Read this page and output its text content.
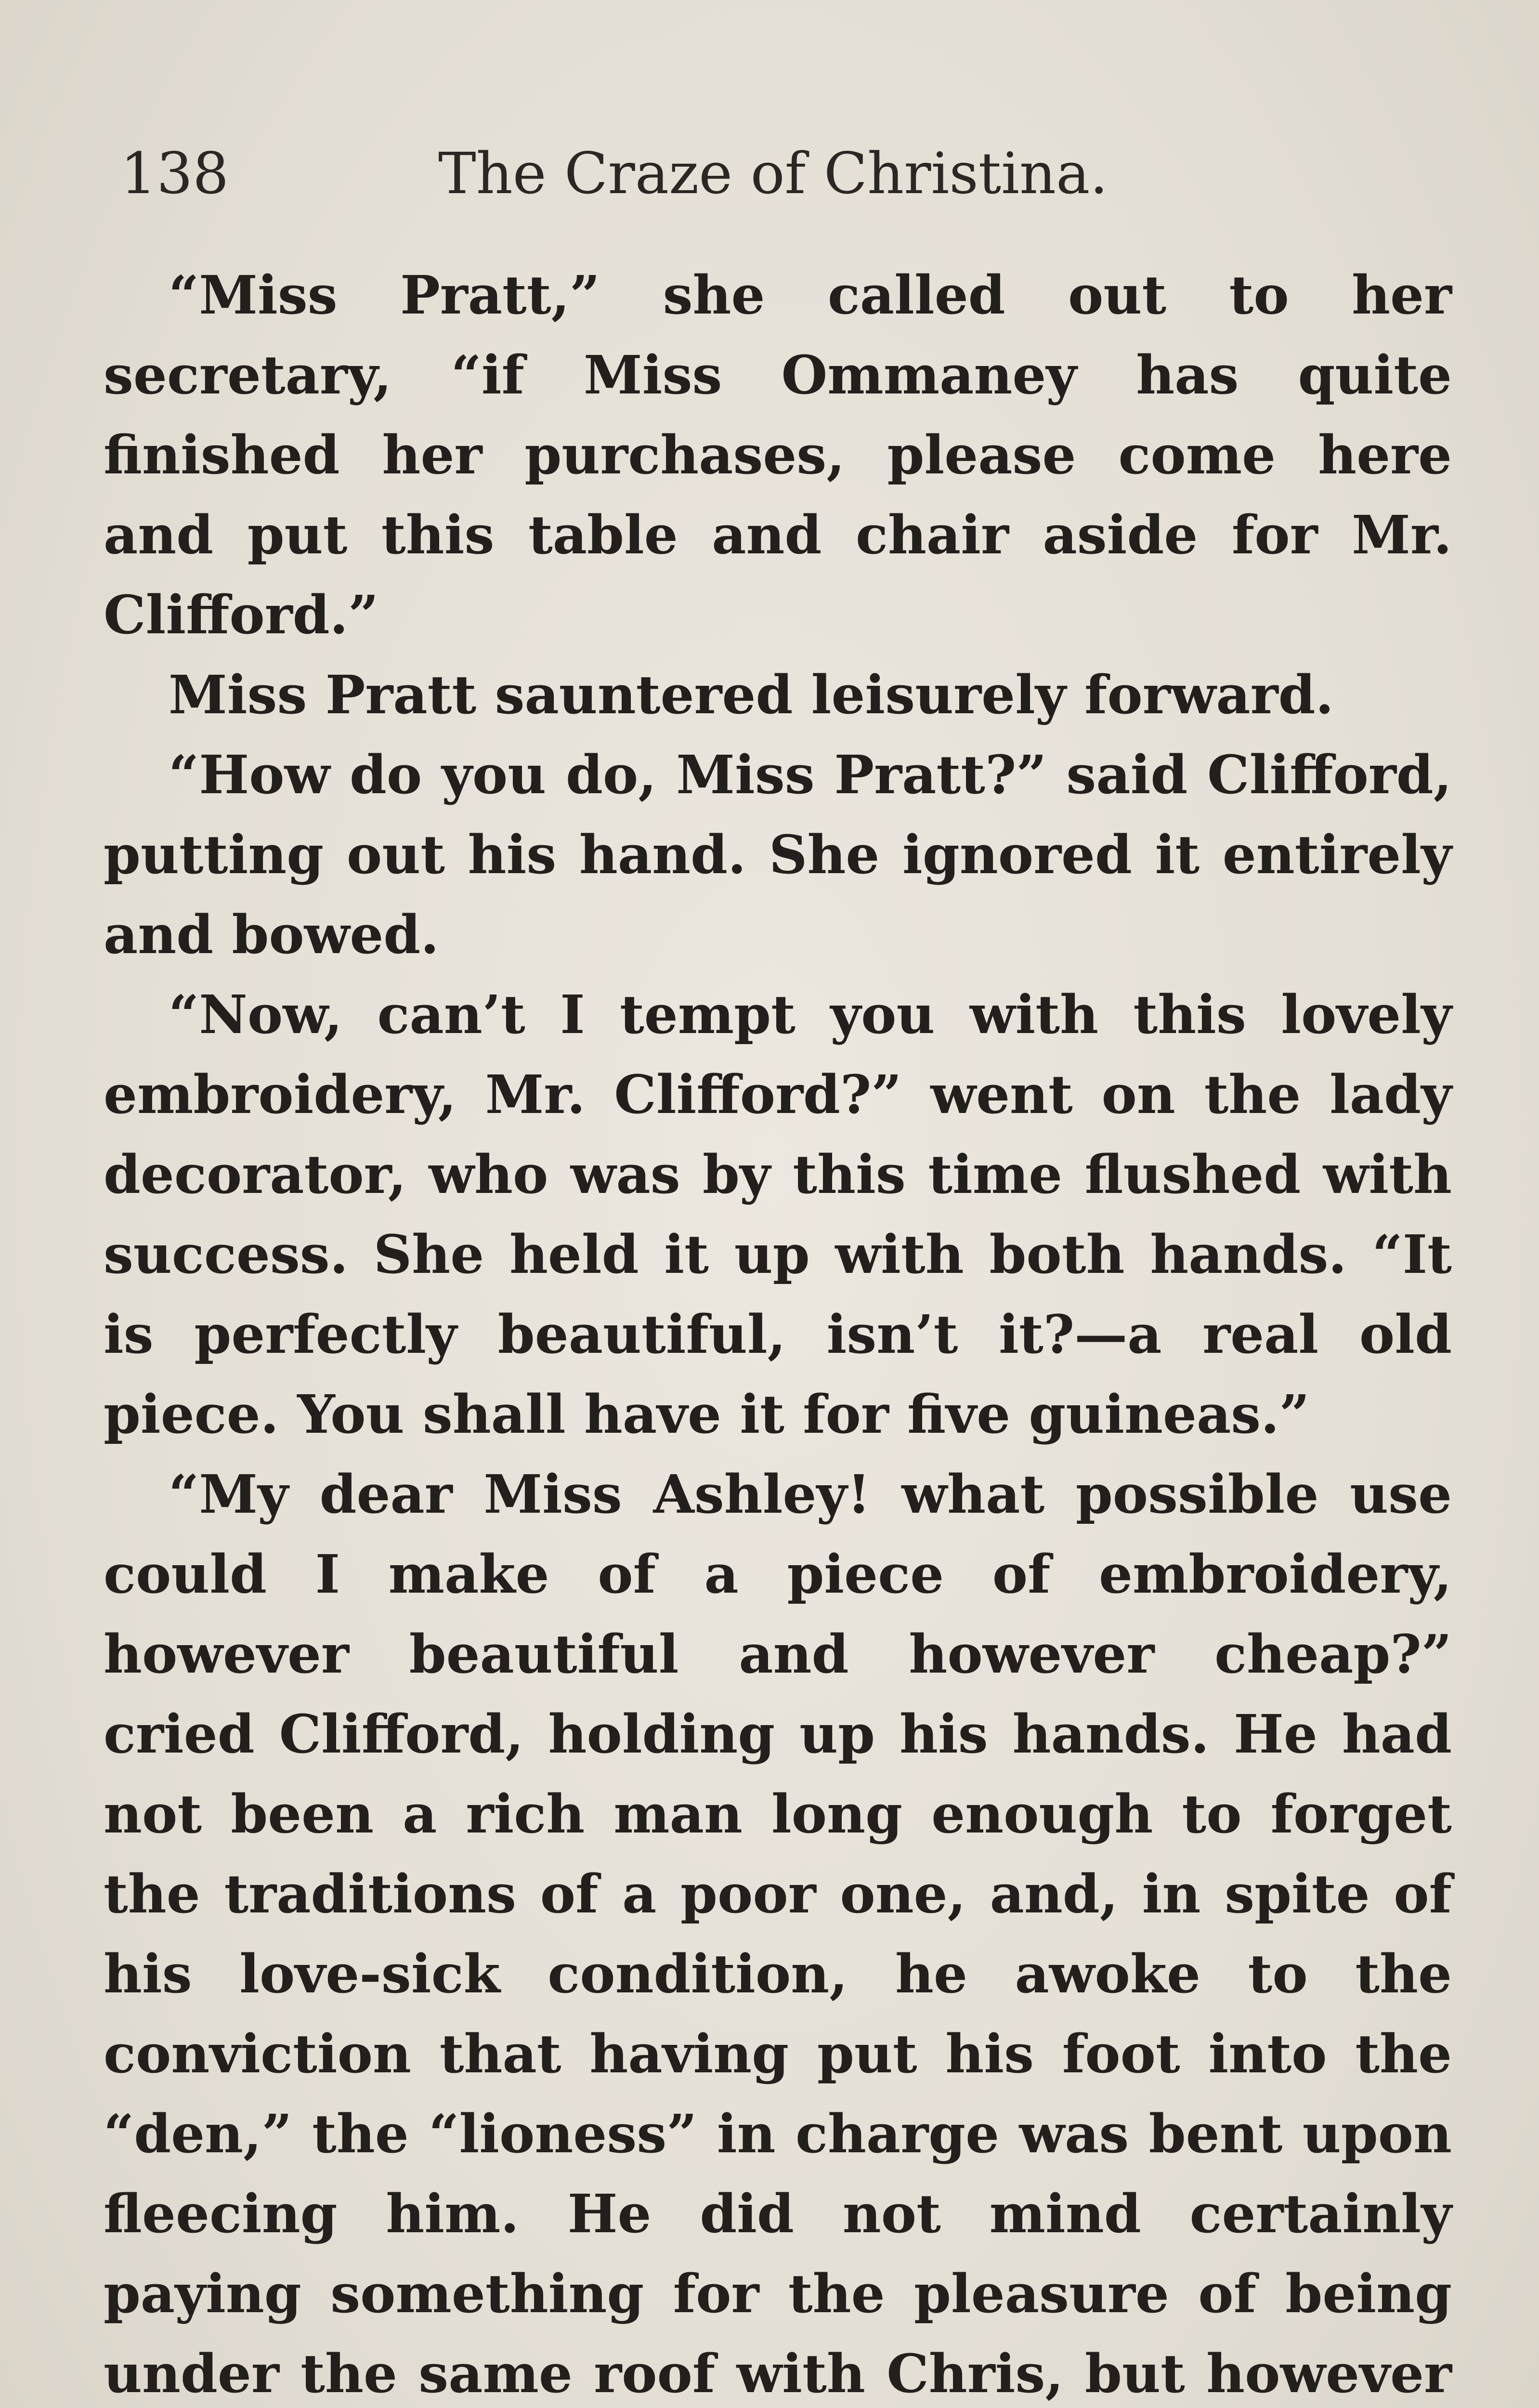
138	The Craze of Christina.

“Miss Pratt,” she called out to her secretary, “if Miss Ommaney has quite finished her purchases, please come here and put this table and chair aside for Mr. Clifford.”

Miss Pratt sauntered leisurely forward.

“How do you do, Miss Pratt?” said Clifford, putting out his hand. She ignored it entirely and bowed.

“Now, can’t I tempt you with this lovely embroidery, Mr. Clifford?” went on the lady decorator, who was by this time flushed with success. She held it up with both hands. “It is perfectly beautiful, isn’t it?—a real old piece. You shall have it for five guineas.”

“My dear Miss Ashley! what possible use could I make of a piece of embroidery, however beautiful and however cheap?” cried Clifford, holding up his hands. He had not been a rich man long enough to forget the traditions of a poor one, and, in spite of his love-sick condition, he awoke to the conviction that having put his foot into the “den,” the “lioness” in charge was bent upon fleecing him. He did not mind certainly paying something for the pleasure of being under the same roof with Chris, but however
